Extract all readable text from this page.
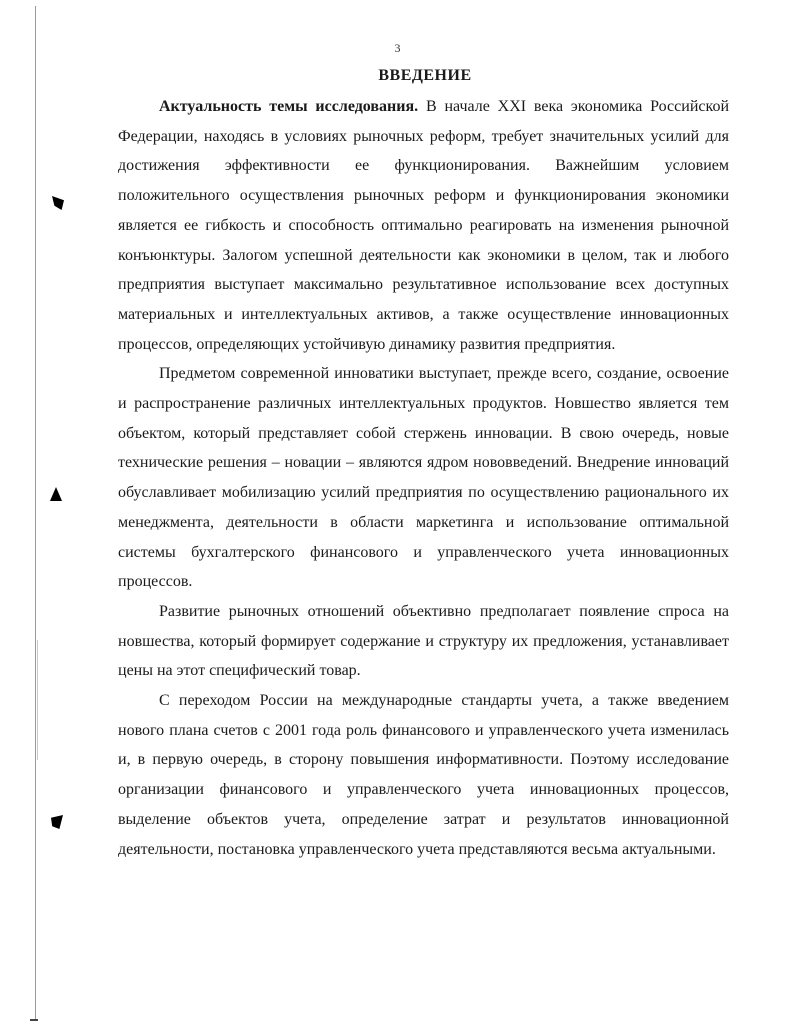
3
ВВЕДЕНИЕ

Актуальность темы исследования. В начале XXI века экономика Российской Федерации, находясь в условиях рыночных реформ, требует значительных усилий для достижения эффективности ее функционирования. Важнейшим условием положительного осуществления рыночных реформ и функционирования экономики является ее гибкость и способность оптимально реагировать на изменения рыночной конъюнктуры. Залогом успешной деятельности как экономики в целом, так и любого предприятия выступает максимально результативное использование всех доступных материальных и интеллектуальных активов, а также осуществление инновационных процессов, определяющих устойчивую динамику развития предприятия.

Предметом современной инноватики выступает, прежде всего, создание, освоение и распространение различных интеллектуальных продуктов. Новшество является тем объектом, который представляет собой стержень инновации. В свою очередь, новые технические решения – новации – являются ядром нововведений. Внедрение инноваций обуславливает мобилизацию усилий предприятия по осуществлению рационального их менеджмента, деятельности в области маркетинга и использование оптимальной системы бухгалтерского финансового и управленческого учета инновационных процессов.

Развитие рыночных отношений объективно предполагает появление спроса на новшества, который формирует содержание и структуру их предложения, устанавливает цены на этот специфический товар.

С переходом России на международные стандарты учета, а также введением нового плана счетов с 2001 года роль финансового и управленческого учета изменилась и, в первую очередь, в сторону повышения информативности. Поэтому исследование организации финансового и управленческого учета инновационных процессов, выделение объектов учета, определение затрат и результатов инновационной деятельности, постановка управленческого учета представляются весьма актуальными.
